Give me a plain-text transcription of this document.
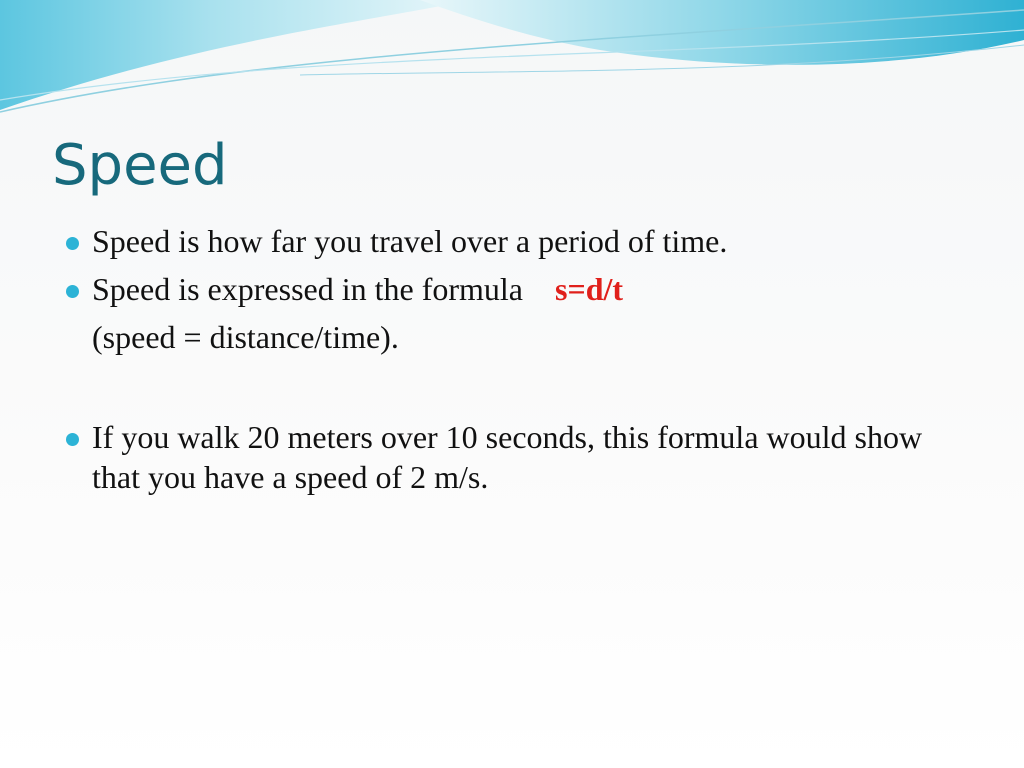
Speed
Speed is how far you travel over a period of time.
Speed is expressed in the formula s=d/t
(speed = distance/time).
If you walk 20 meters over 10 seconds, this formula would show that you have a speed of 2 m/s.
